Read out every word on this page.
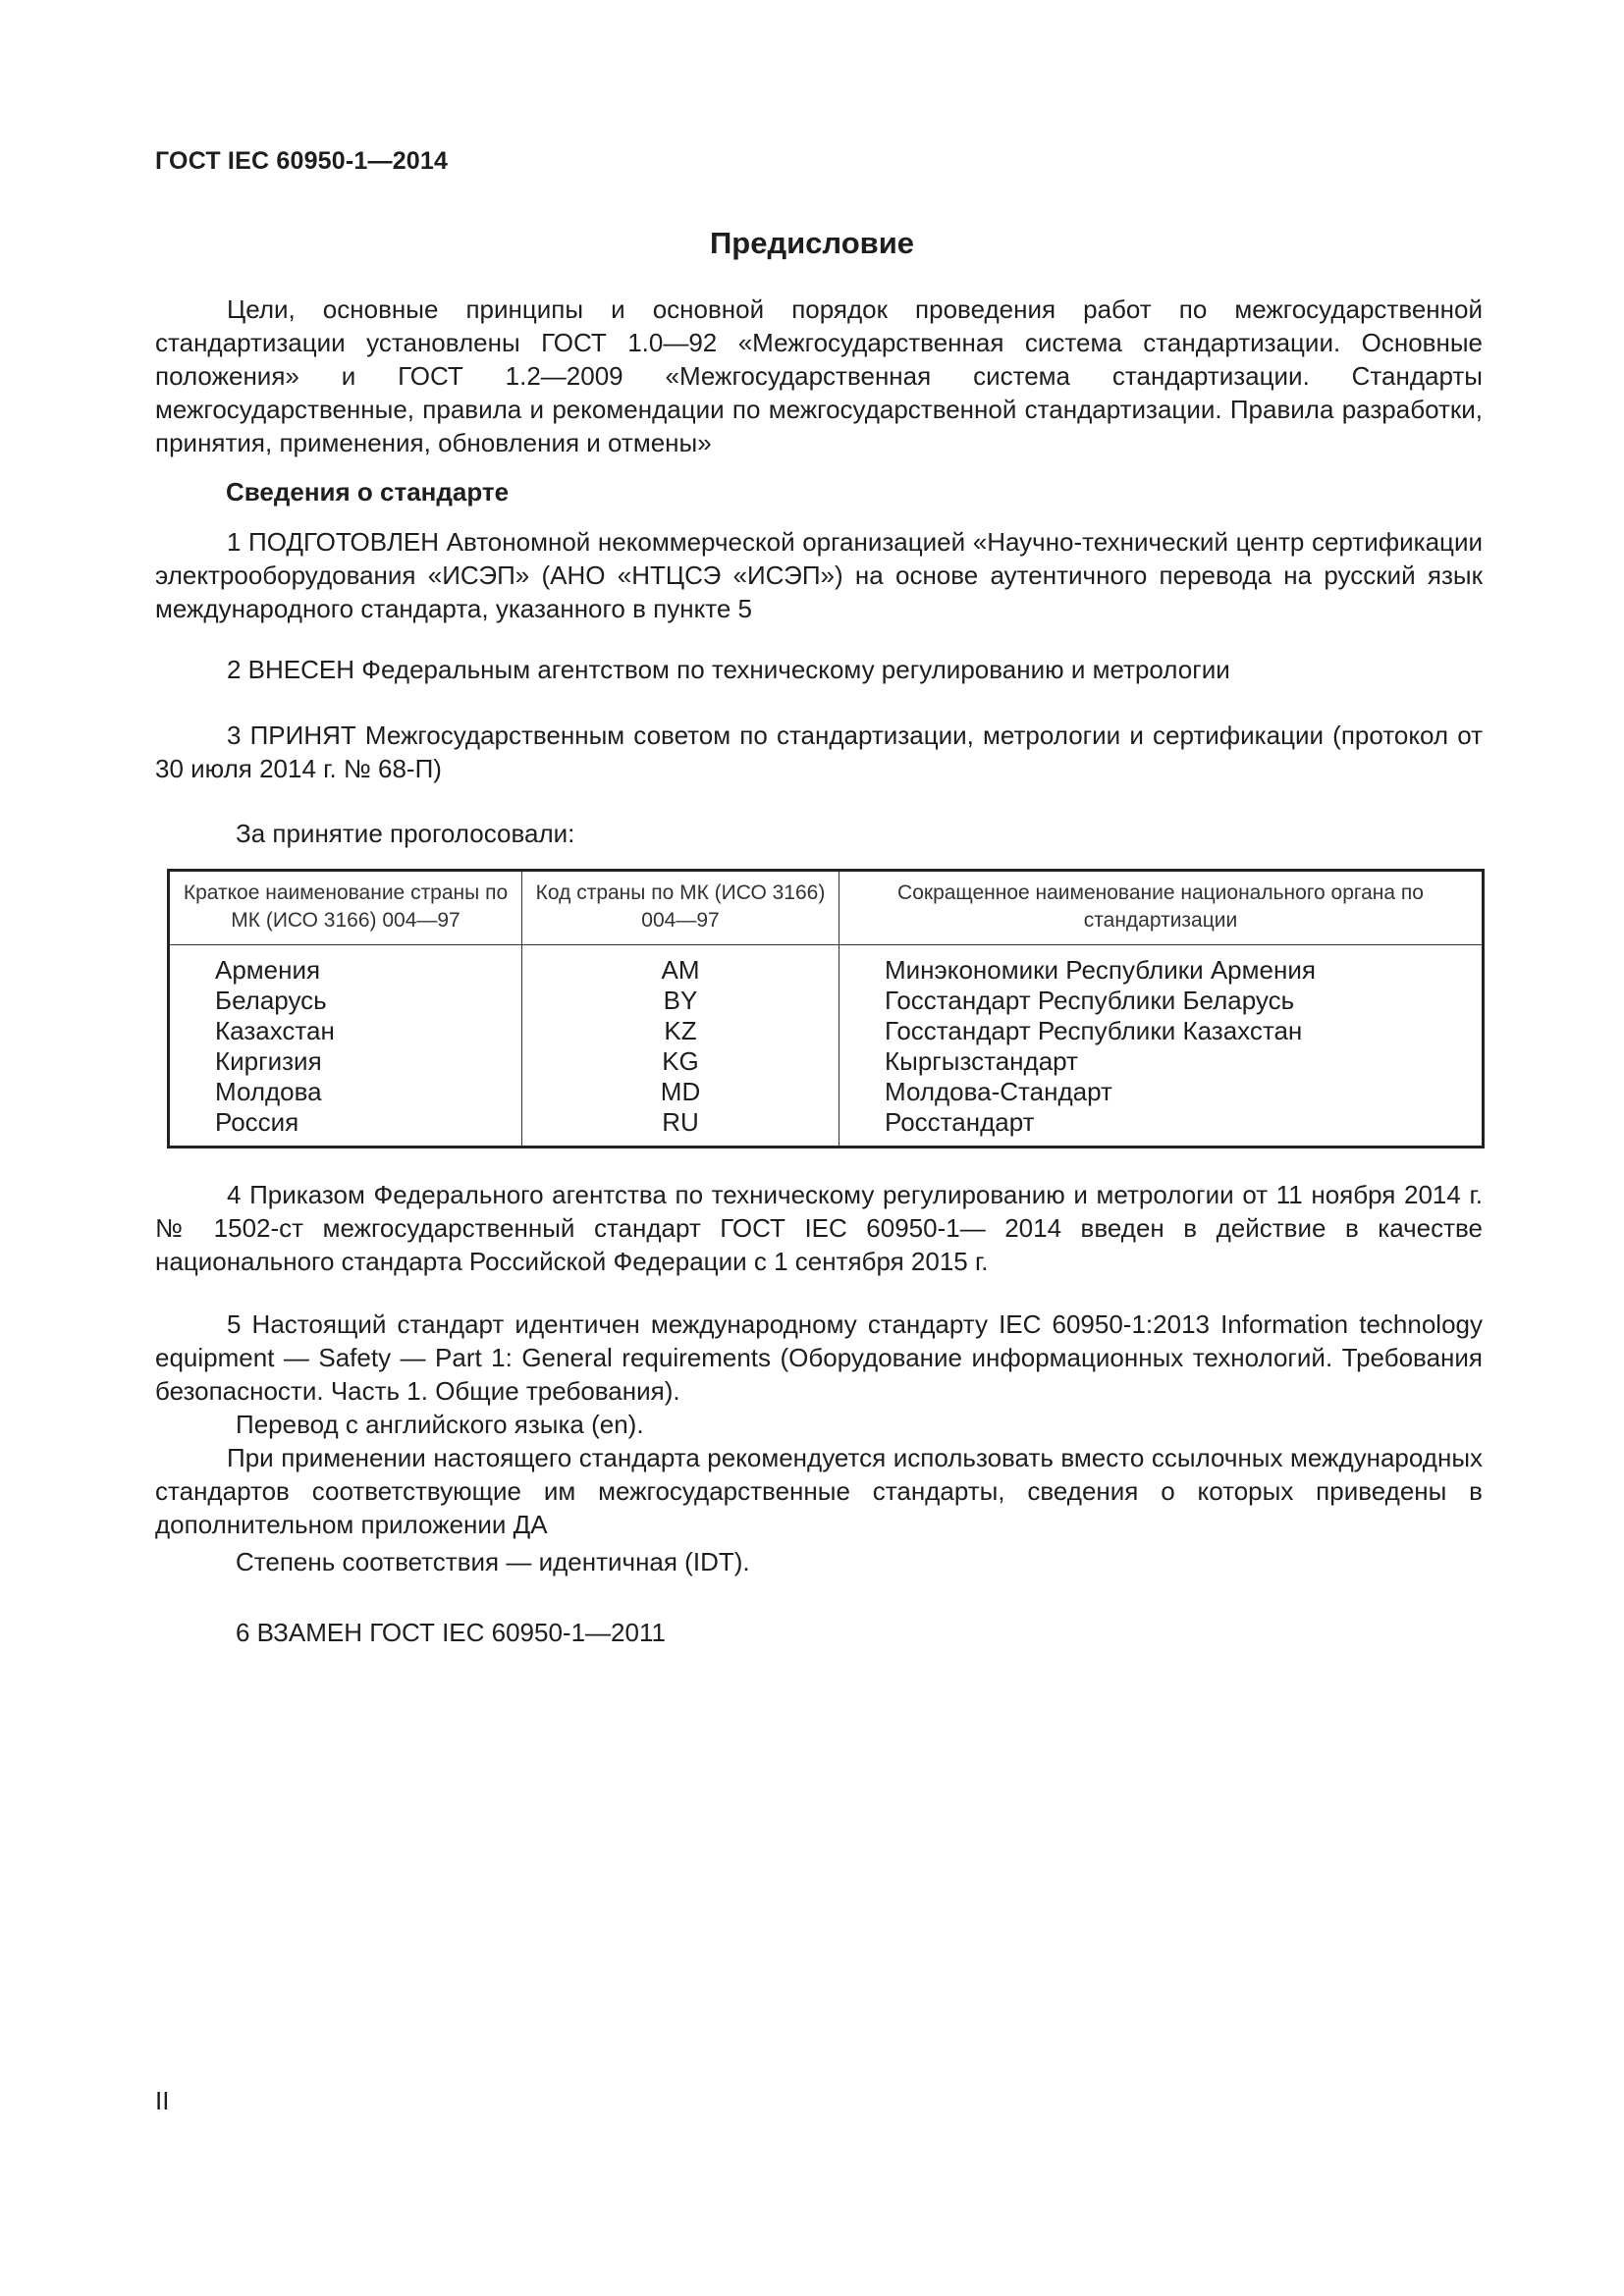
ГОСТ IEC 60950-1—2014
Предисловие

Цели, основные принципы и основной порядок проведения работ по межгосударственной стандартизации установлены ГОСТ 1.0—92 «Межгосударственная система стандартизации. Основные положения» и ГОСТ 1.2—2009 «Межгосударственная система стандартизации. Стандарты межгосударственные, правила и рекомендации по межгосударственной стандартизации. Правила разработки, принятия, применения, обновления и отмены»

Сведения о стандарте

1 ПОДГОТОВЛЕН Автономной некоммерческой организацией «Научно-технический центр сертификации электрооборудования «ИСЭП» (АНО «НТЦСЭ «ИСЭП») на основе аутентичного перевода на русский язык международного стандарта, указанного в пункте 5

2 ВНЕСЕН Федеральным агентством по техническому регулированию и метрологии

3 ПРИНЯТ Межгосударственным советом по стандартизации, метрологии и сертификации (протокол от 30 июля 2014 г. № 68-П)

За принятие проголосовали:

Краткое наименование страны по МК (ИСО 3166) 004—97	Код страны по МК (ИСО 3166) 004—97	Сокращенное наименование национального органа по стандартизации
Армения	AM	Минэкономики Республики Армения
Беларусь	BY	Госстандарт Республики Беларусь
Казахстан	KZ	Госстандарт Республики Казахстан
Киргизия	KG	Кыргызстандарт
Молдова	MD	Молдова-Стандарт
Россия	RU	Росстандарт

4 Приказом Федерального агентства по техническому регулированию и метрологии от 11 ноября 2014 г. № 1502-ст межгосударственный стандарт ГОСТ IEC 60950-1— 2014 введен в действие в качестве национального стандарта Российской Федерации с 1 сентября 2015 г.

5 Настоящий стандарт идентичен международному стандарту IEC 60950-1:2013 Information technology equipment — Safety — Part 1: General requirements (Оборудование информационных технологий. Требования безопасности. Часть 1. Общие требования).

Перевод с английского языка (en).

При применении настоящего стандарта рекомендуется использовать вместо ссылочных международных стандартов соответствующие им межгосударственные стандарты, сведения о которых приведены в дополнительном приложении ДА

Степень соответствия — идентичная (IDT).

6 ВЗАМЕН ГОСТ IEC 60950-1—2011

II
